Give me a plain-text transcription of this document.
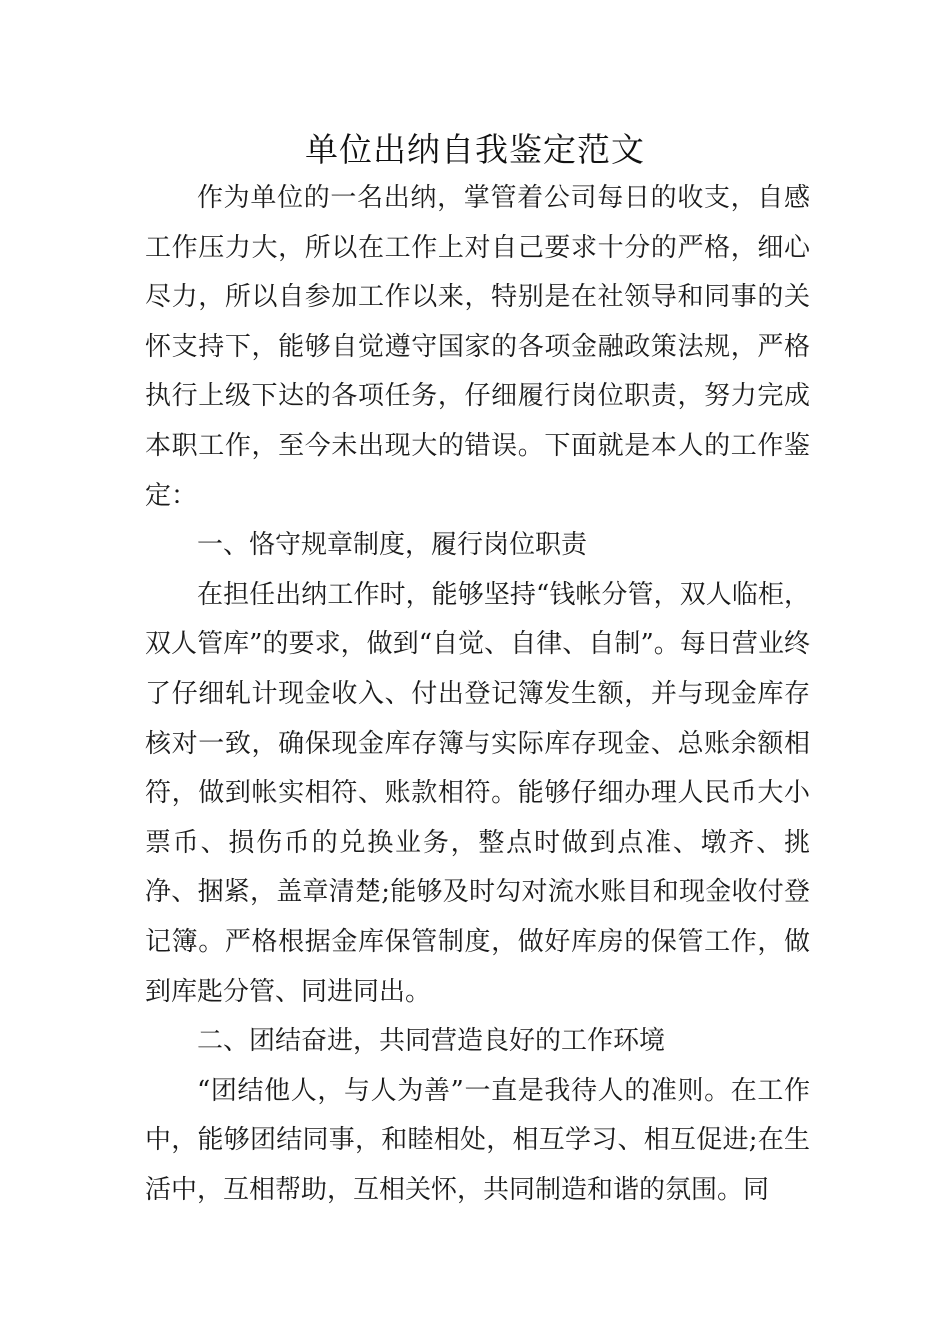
单位出纳自我鉴定范文

作为单位的一名出纳，掌管着公司每日的收支，自感工作压力大，所以在工作上对自己要求十分的严格，细心尽力，所以自参加工作以来，特别是在社领导和同事的关怀支持下，能够自觉遵守国家的各项金融政策法规，严格执行上级下达的各项任务，仔细履行岗位职责，努力完成本职工作，至今未出现大的错误。下面就是本人的工作鉴定：

一、恪守规章制度，履行岗位职责

在担任出纳工作时，能够坚持“钱帐分管，双人临柜，双人管库”的要求，做到“自觉、自律、自制”。每日营业终了仔细轧计现金收入、付出登记簿发生额，并与现金库存核对一致，确保现金库存簿与实际库存现金、总账余额相符，做到帐实相符、账款相符。能够仔细办理人民币大小票币、损伤币的兑换业务，整点时做到点准、墩齐、挑净、捆紧，盖章清楚;能够及时勾对流水账目和现金收付登记簿。严格根据金库保管制度，做好库房的保管工作，做到库匙分管、同进同出。

二、团结奋进，共同营造良好的工作环境

“团结他人，与人为善”一直是我待人的准则。在工作中，能够团结同事，和睦相处，相互学习、相互促进;在生活中，互相帮助，互相关怀，共同制造和谐的氛围。同
